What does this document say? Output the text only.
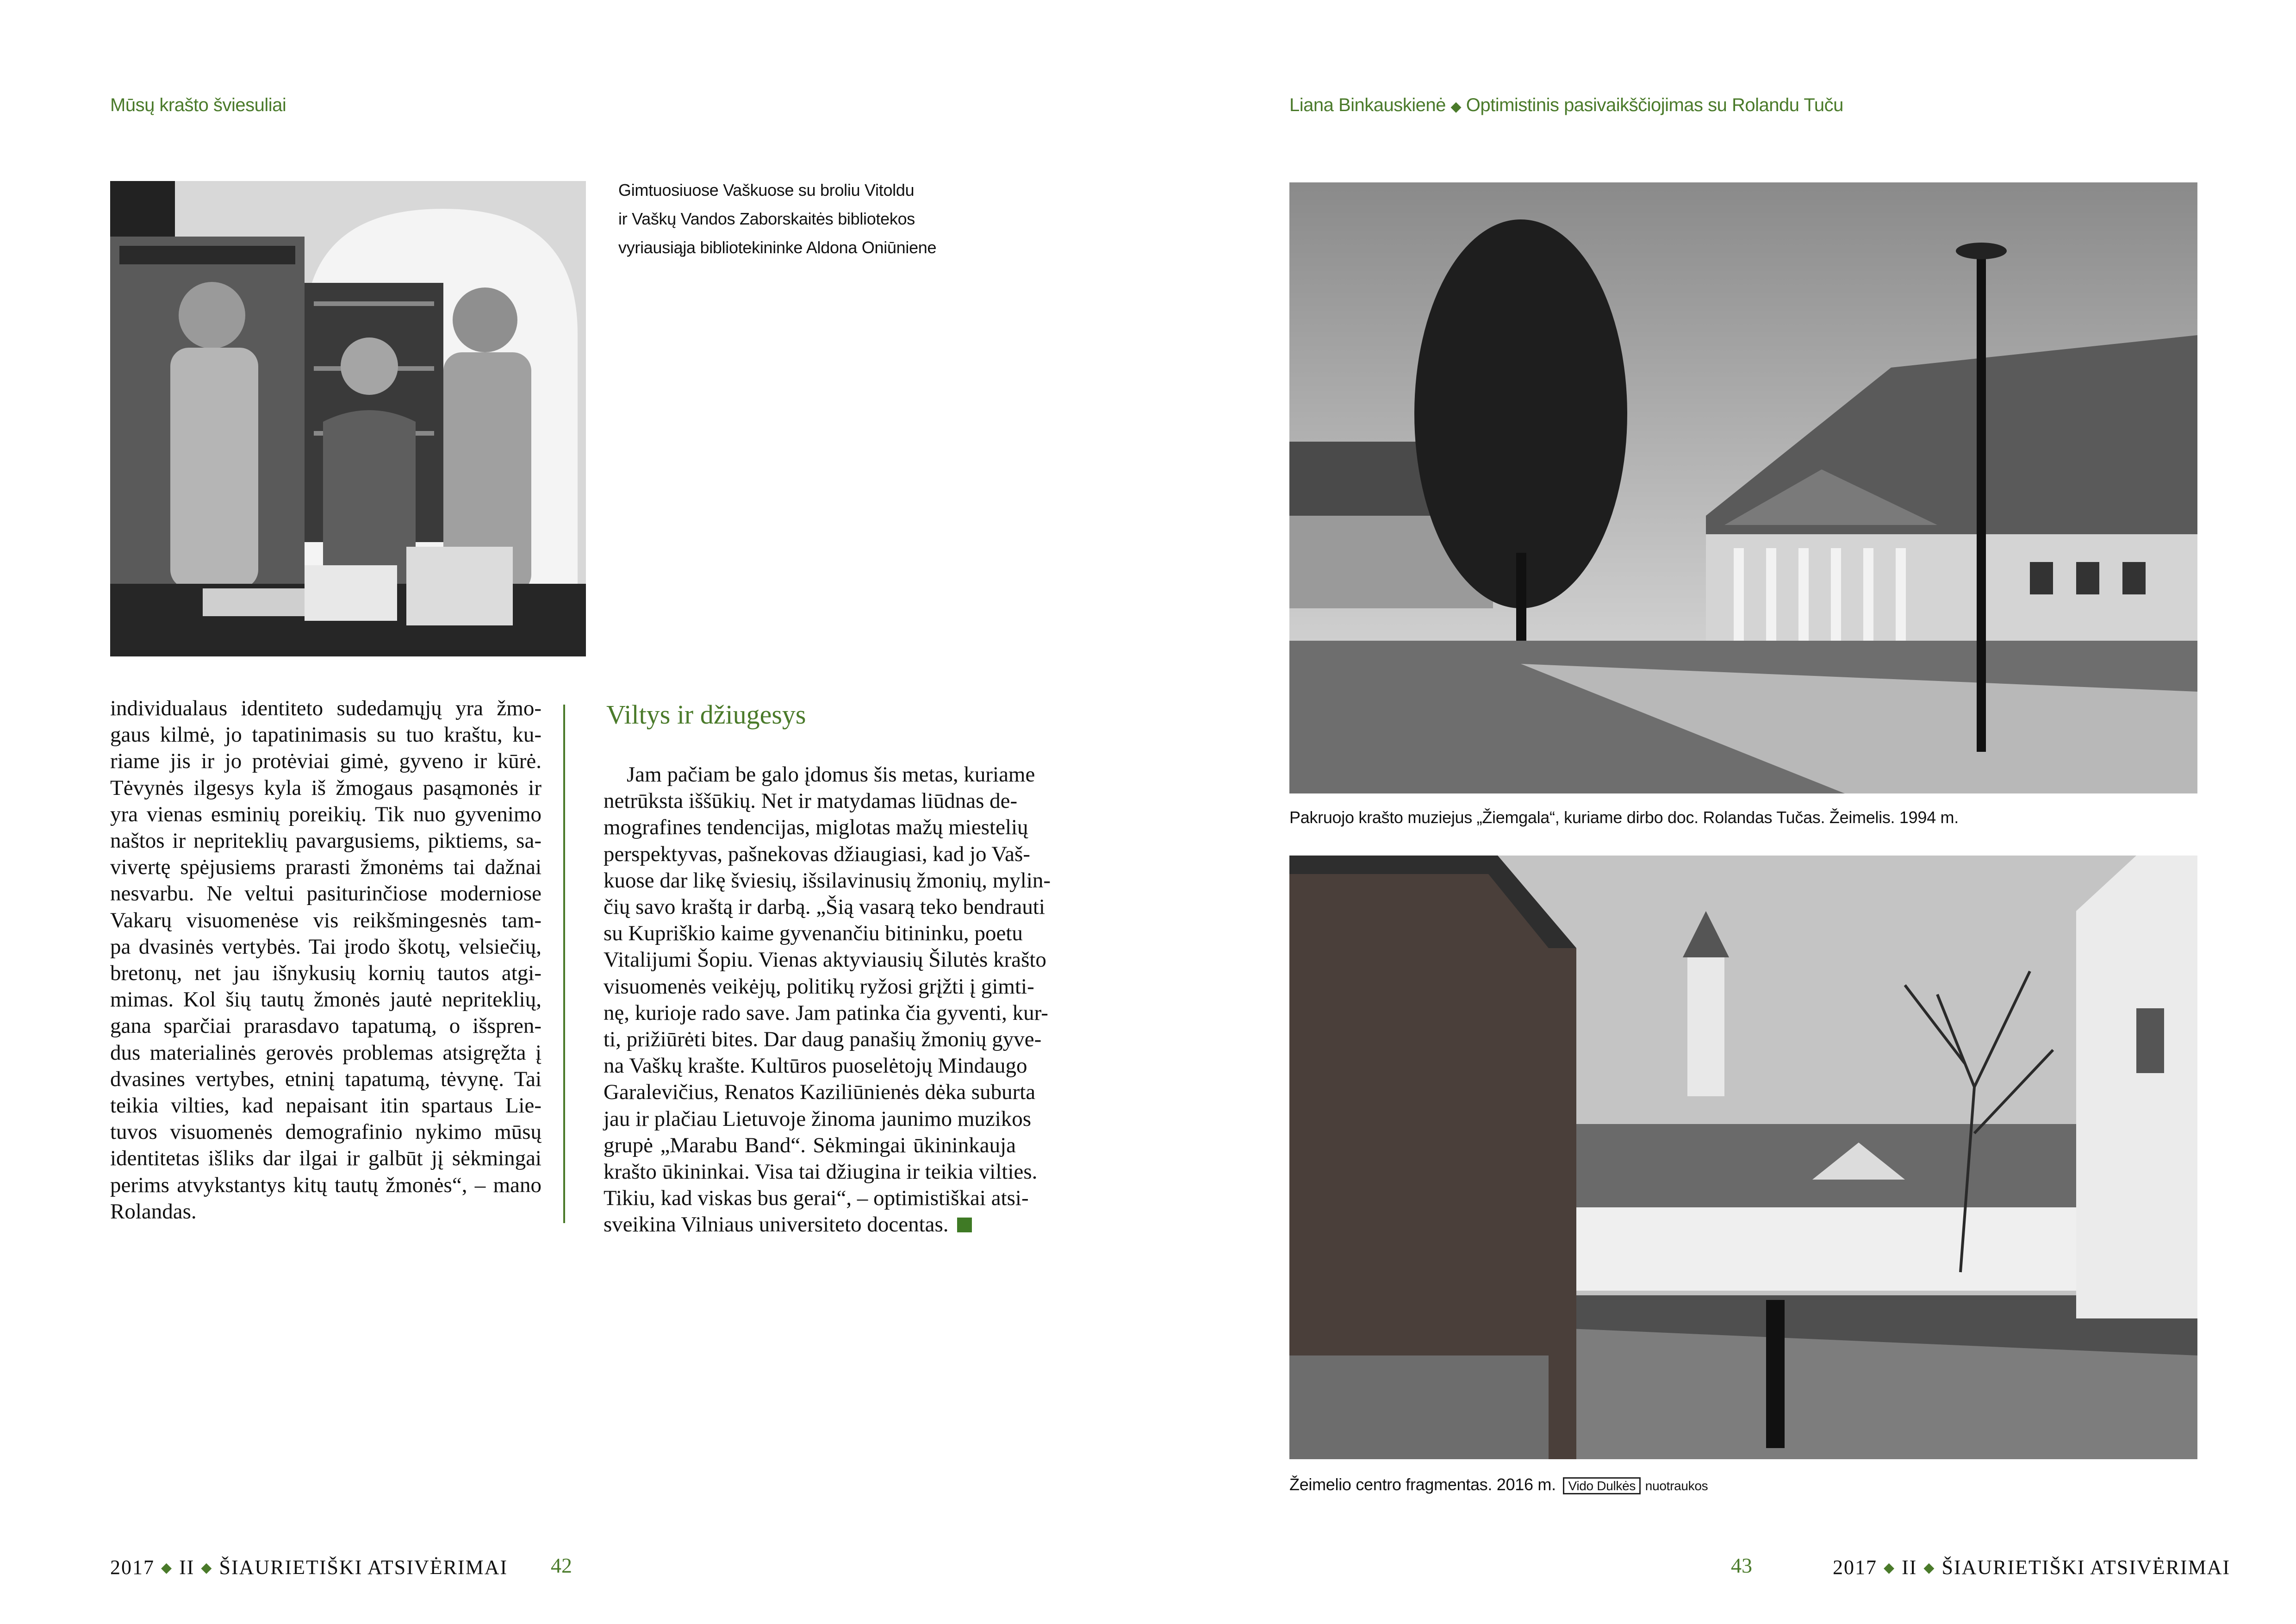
Mūsų krašto šviesuliai
Gimtuosiuose Vaškuose su broliu Vitoldu
ir Vaškų Vandos Zaborskaitės bibliotekos
vyriausiąja bibliotekininke Aldona Oniūniene
individualaus identiteto sudedamųjų yra žmo-
gaus kilmė, jo tapatinimasis su tuo kraštu, ku-
riame jis ir jo protėviai gimė, gyveno ir kūrė.
Tėvynės ilgesys kyla iš žmogaus pasąmonės ir
yra vienas esminių poreikių. Tik nuo gyvenimo
naštos ir nepriteklių pavargusiems, piktiems, sa-
vivertę spėjusiems prarasti žmonėms tai dažnai
nesvarbu. Ne veltui pasiturinčiose moderniose
Vakarų visuomenėse vis reikšmingesnės tam-
pa dvasinės vertybės. Tai įrodo škotų, velsiečių,
bretonų, net jau išnykusių kornių tautos atgi-
mimas. Kol šių tautų žmonės jautė nepriteklių,
gana sparčiai prarasdavo tapatumą, o išspren-
dus materialinės gerovės problemas atsigręžta į
dvasines vertybes, etninį tapatumą, tėvynę. Tai
teikia vilties, kad nepaisant itin spartaus Lie-
tuvos visuomenės demografinio nykimo mūsų
identitetas išliks dar ilgai ir galbūt jį sėkmingai
perims atvykstantys kitų tautų žmonės“, – mano
Rolandas.
Viltys ir džiugesys
Jam pačiam be galo įdomus šis metas, kuriame
netrūksta iššūkių. Net ir matydamas liūdnas de-
mografines tendencijas, miglotas mažų miestelių
perspektyvas, pašnekovas džiaugiasi, kad jo Vaš-
kuose dar likę šviesių, išsilavinusių žmonių, mylin-
čių savo kraštą ir darbą. „Šią vasarą teko bendrauti
su Kupriškio kaime gyvenančiu bitininku, poetu
Vitalijumi Šopiu. Vienas aktyviausių Šilutės krašto
visuomenės veikėjų, politikų ryžosi grįžti į gimti-
nę, kurioje rado save. Jam patinka čia gyventi, kur-
ti, prižiūrėti bites. Dar daug panašių žmonių gyve-
na Vaškų krašte. Kultūros puoselėtojų Mindaugo
Garalevičius, Renatos Kaziliūnienės dėka suburta
jau ir plačiau Lietuvoje žinoma jaunimo muzikos
grupė „Marabu Band“. Sėkmingai ūkininkauja
krašto ūkininkai. Visa tai džiugina ir teikia vilties.
Tikiu, kad viskas bus gerai“, – optimistiškai atsi-
sveikina Vilniaus universiteto docentas.
2017 ◆ II ◆ ŠIAURIETIŠKI ATSIVĖRIMAI 42
Liana Binkauskienė ◆ Optimistinis pasivaikščiojimas su Rolandu Tuču
Pakruojo krašto muziejus „Žiemgala“, kuriame dirbo doc. Rolandas Tučas. Žeimelis. 1994 m.
Žeimelio centro fragmentas. 2016 m. Vido Dulkės nuotraukos
43	2017 ◆ II ◆ ŠIAURIETIŠKI ATSIVĖRIMAI
